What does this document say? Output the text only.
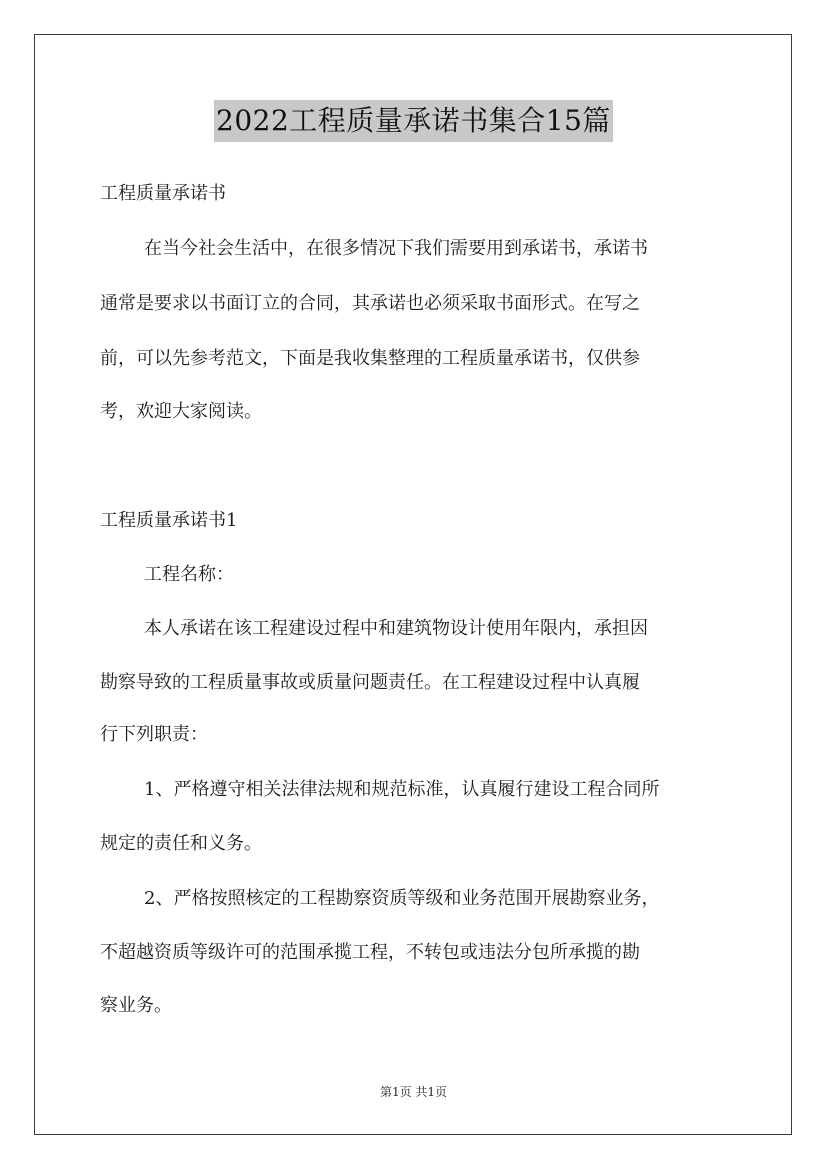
2022工程质量承诺书集合15篇
工程质量承诺书
在当今社会生活中，在很多情况下我们需要用到承诺书，承诺书
通常是要求以书面订立的合同，其承诺也必须采取书面形式。在写之
前，可以先参考范文，下面是我收集整理的工程质量承诺书，仅供参
考，欢迎大家阅读。
工程质量承诺书1
工程名称：
本人承诺在该工程建设过程中和建筑物设计使用年限内，承担因
勘察导致的工程质量事故或质量问题责任。在工程建设过程中认真履
行下列职责：
1、严格遵守相关法律法规和规范标准，认真履行建设工程合同所
规定的责任和义务。
2、严格按照核定的工程勘察资质等级和业务范围开展勘察业务，
不超越资质等级许可的范围承揽工程，不转包或违法分包所承揽的勘
察业务。
第1页 共1页
